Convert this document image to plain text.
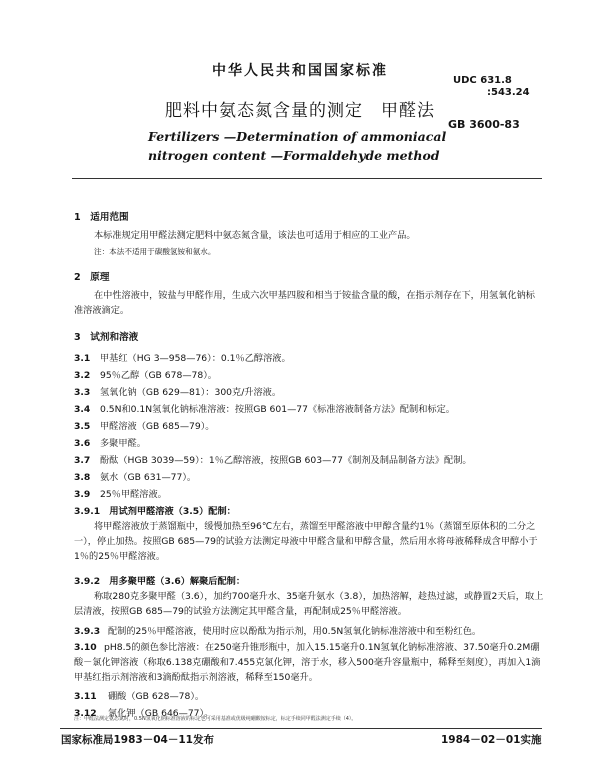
中华人民共和国国家标准
UDC 631.8
:543.24
肥料中氨态氮含量的测定　甲醛法
GB 3600-83
Fertilizers —Determination of ammoniacal nitrogen content —Formaldehyde method
1　适用范围
本标准规定用甲醛法测定肥料中氨态氮含量，该法也可适用于相应的工业产品。
注：本法不适用于碳酸氢铵和氨水。
2　原理
在中性溶液中，铵盐与甲醛作用，生成六次甲基四胺和相当于铵盐含量的酸，在指示剂存在下，用氢氧化钠标准溶液滴定。
3　试剂和溶液
3.1 甲基红（HG 3—958—76）：0.1％乙醇溶液。
3.2 95％乙醇（GB 678—78）。
3.3 氢氧化钠（GB 629—81）：300克/升溶液。
3.4 0.5N和0.1N氢氧化钠标准溶液：按照GB 601—77《标准溶液制备方法》配制和标定。
3.5 甲醛溶液（GB 685—79）。
3.6 多聚甲醛。
3.7 酚酞（HGB 3039—59）：1％乙醇溶液，按照GB 603—77《制剂及制品制备方法》配制。
3.8 氨水（GB 631—77）。
3.9 25％甲醛溶液。
3.9.1　用试剂甲醛溶液（3.5）配制：
将甲醛溶液放于蒸馏瓶中，缓慢加热至96℃左右，蒸馏至甲醛溶液中甲醇含量约1％（蒸馏至原体积的二分之一），停止加热。按照GB 685—79的试验方法测定母液中甲醛含量和甲醇含量，然后用水将母液稀释成含甲醇小于1％的25％甲醛溶液。
3.9.2　用多聚甲醛（3.6）解聚后配制：
称取280克多聚甲醛（3.6），加约700毫升水、35毫升氨水（3.8），加热溶解，趁热过滤，或静置2天后，取上层清液，按照GB 685—79的试验方法测定其甲醛含量，再配制成25％甲醛溶液。
3.9.3 配制的25％甲醛溶液，使用时应以酚酞为指示剂，用0.5N氢氧化钠标准溶液中和至粉红色。
3.10 pH8.5的颜色参比溶液：在250毫升锥形瓶中，加入15.15毫升0.1N氢氧化钠标准溶液、37.50毫升0.2M硼酸－氯化钾溶液（称取6.138克硼酸和7.455克氯化钾，溶于水，移入500毫升容量瓶中，稀释至刻度），再加入1滴甲基红指示剂溶液和3滴酚酞指示剂溶液，稀释至150毫升。
3.11 硼酸（GB 628—78）。
3.12 氯化钾（GB 646—77）。
国家标准局1983－04－11发布	1984－02－01实施
注：甲醛法测定氨态氮时，0.5N氢氧化钠标准溶液的标定也可采用基准或优级纯硼酸铵标定，标定手续同甲醛法测定手续（4）。
